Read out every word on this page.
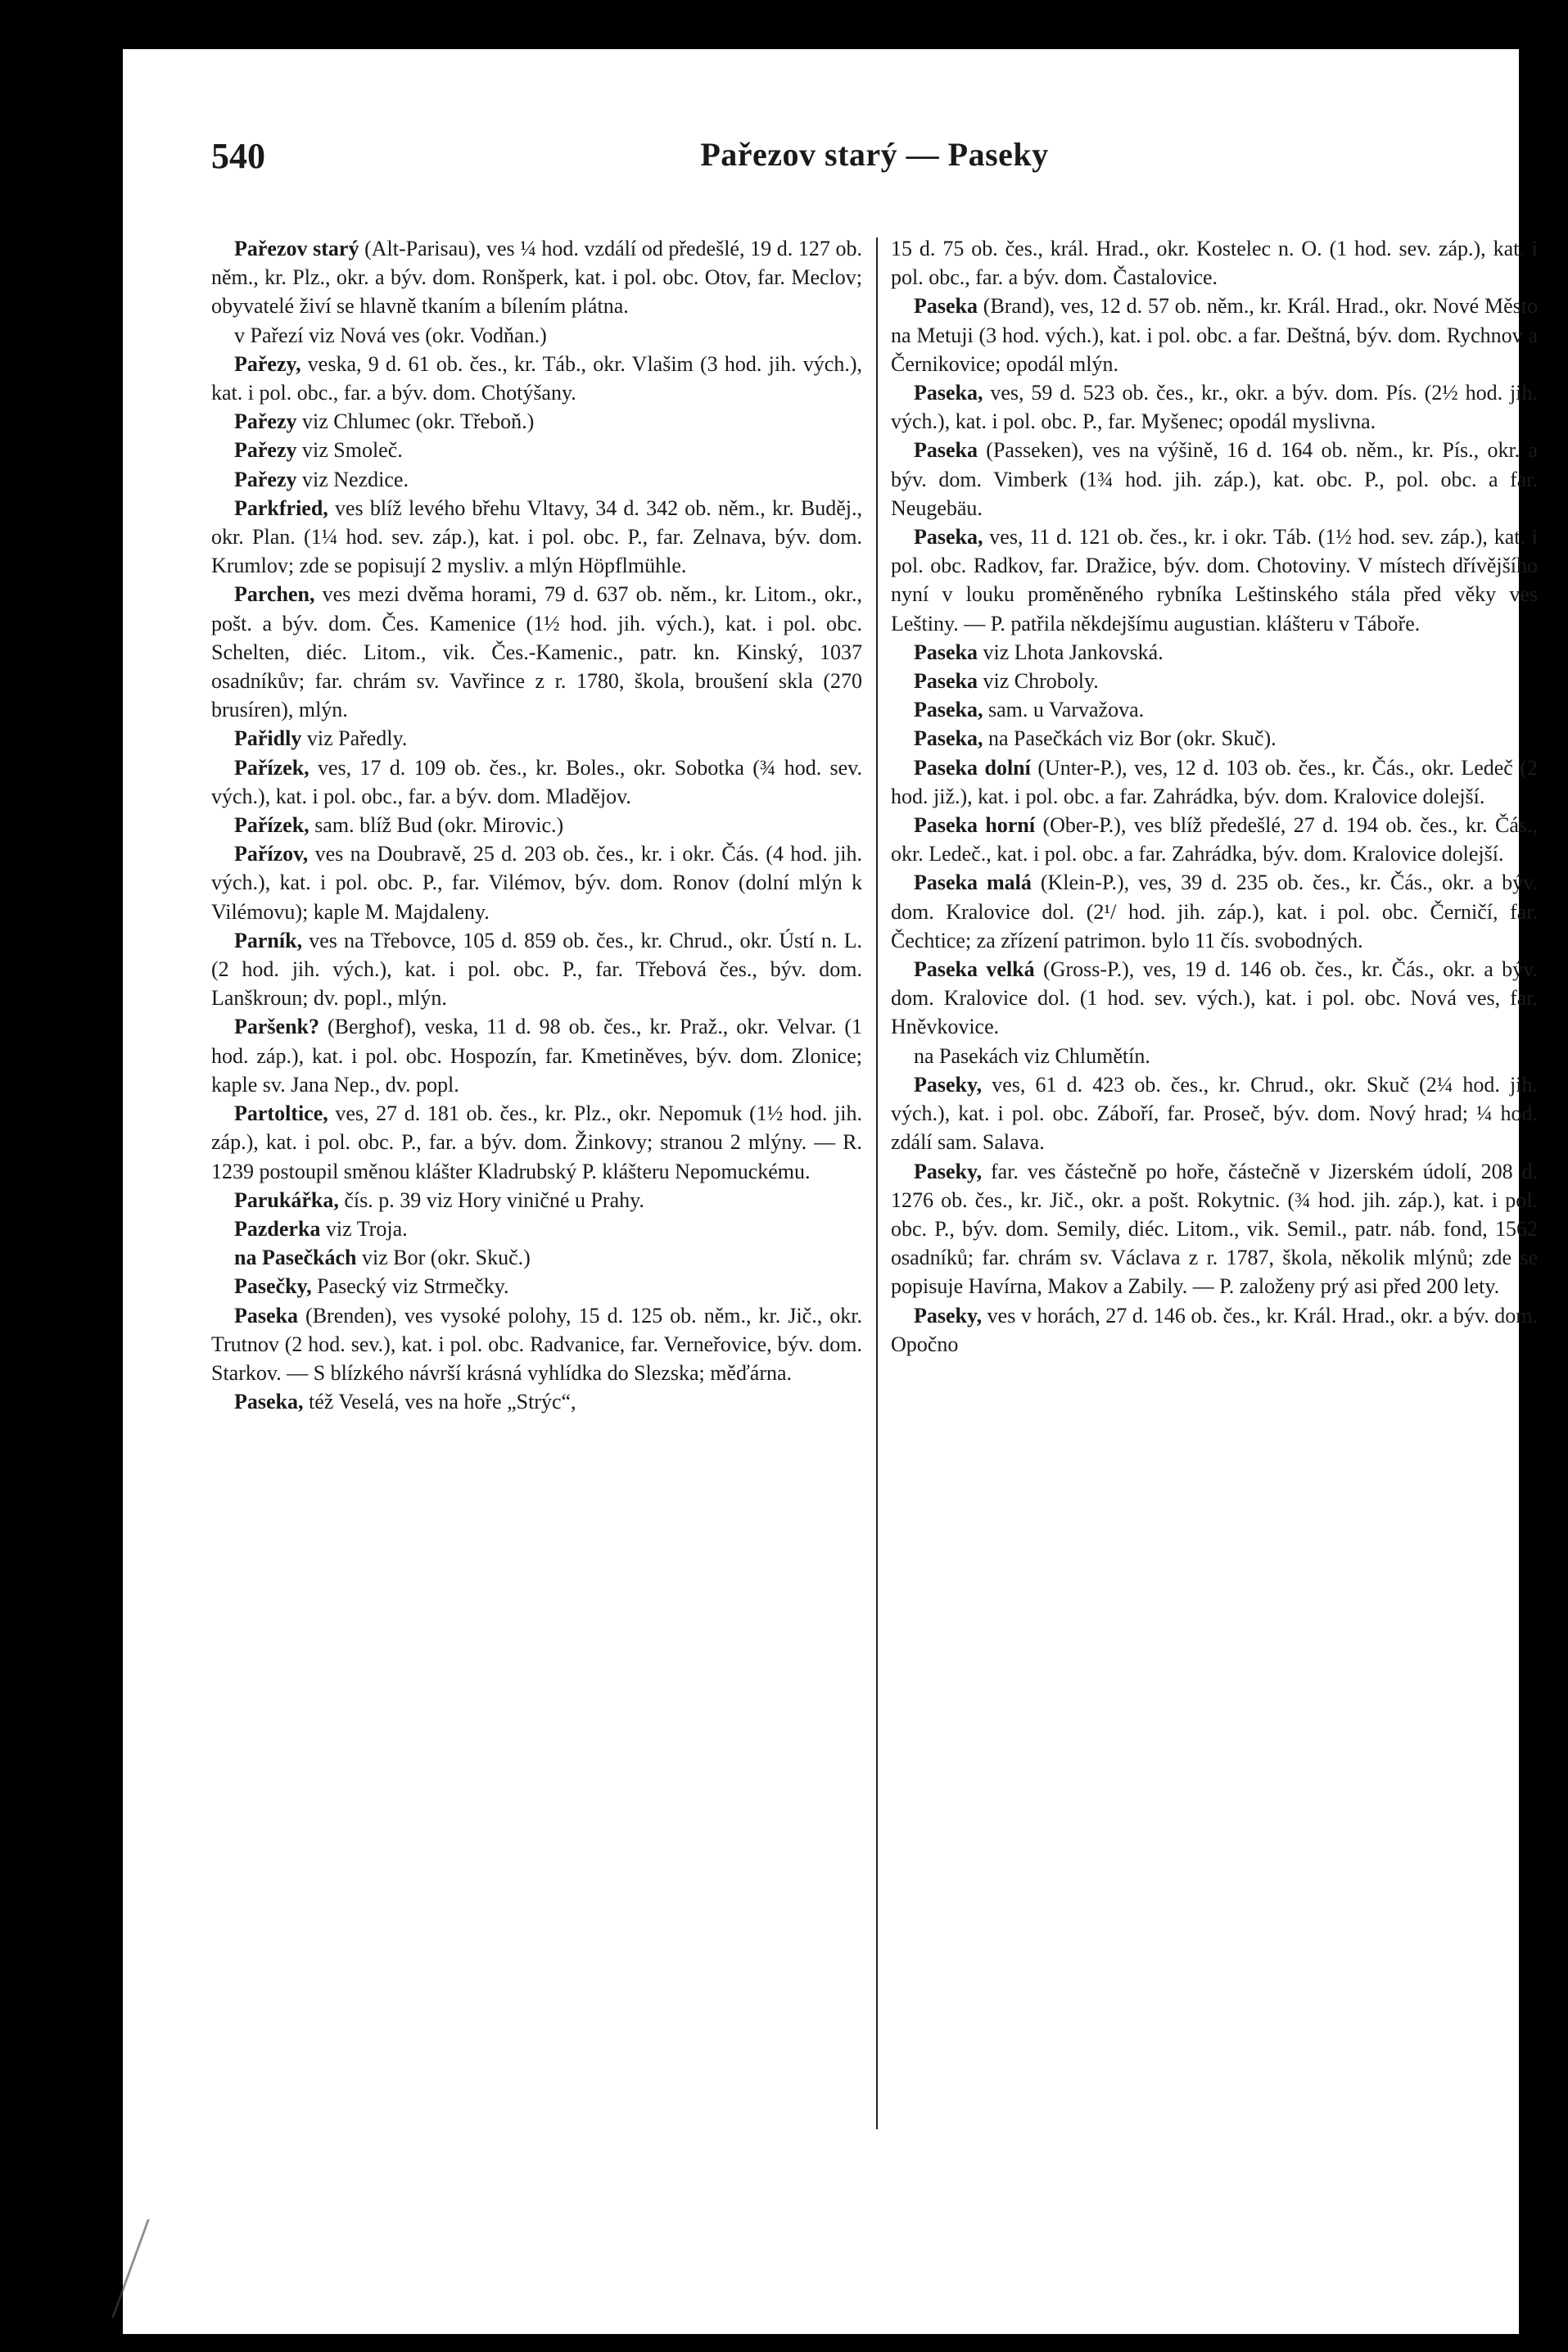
540	Pařezov starý — Paseky

Pařezov starý (Alt-Parisau), ves ¼ hod. vzdálí od předešlé, 19 d. 127 ob. něm., kr. Plz., okr. a býv. dom. Ronšperk, kat. i pol. obc. Otov, far. Meclov; obyvatelé živí se hlavně tkaním a bílením plátna.

v Pařezí viz Nová ves (okr. Vodňan.)

Pařezy, veska, 9 d. 61 ob. čes., kr. Táb., okr. Vlašim (3 hod. jih. vých.), kat. i pol. obc., far. a býv. dom. Chotýšany.

Pařezy viz Chlumec (okr. Třeboň.)

Pařezy viz Smoleč.

Pařezy viz Nezdice.

Parkfried, ves blíž levého břehu Vltavy, 34 d. 342 ob. něm., kr. Buděj., okr. Plan. (1¼ hod. sev. záp.), kat. i pol. obc. P., far. Zelnava, býv. dom. Krumlov; zde se popisují 2 mysliv. a mlýn Höpflmühle.

Parchen, ves mezi dvěma horami, 79 d. 637 ob. něm., kr. Litom., okr., pošt. a býv. dom. Čes. Kamenice (1½ hod. jih. vých.), kat. i pol. obc. Schelten, diéc. Litom., vik. Čes.-Kamenic., patr. kn. Kinský, 1037 osadníkův; far. chrám sv. Vavřince z r. 1780, škola, broušení skla (270 brusíren), mlýn.

Pařidly viz Paředly.

Pařízek, ves, 17 d. 109 ob. čes., kr. Boles., okr. Sobotka (¾ hod. sev. vých.), kat. i pol. obc., far. a býv. dom. Mladějov.

Pařízek, sam. blíž Bud (okr. Mirovic.)

Pařízov, ves na Doubravě, 25 d. 203 ob. čes., kr. i okr. Čás. (4 hod. jih. vých.), kat. i pol. obc. P., far. Vilémov, býv. dom. Ronov (dolní mlýn k Vilémovu); kaple M. Majdaleny.

Parník, ves na Třebovce, 105 d. 859 ob. čes., kr. Chrud., okr. Ústí n. L. (2 hod. jih. vých.), kat. i pol. obc. P., far. Třebová čes., býv. dom. Lanškroun; dv. popl., mlýn.

Paršenk? (Berghof), veska, 11 d. 98 ob. čes., kr. Praž., okr. Velvar. (1 hod. záp.), kat. i pol. obc. Hospozín, far. Kmetiněves, býv. dom. Zlonice; kaple sv. Jana Nep., dv. popl.

Partoltice, ves, 27 d. 181 ob. čes., kr. Plz., okr. Nepomuk (1½ hod. jih. záp.), kat. i pol. obc. P., far. a býv. dom. Žinkovy; stranou 2 mlýny. — R. 1239 postoupil směnou klášter Kladrubský P. klášteru Nepomuckému.

Parukářka, čís. p. 39 viz Hory viničné u Prahy.

Pazderka viz Troja.

na Pasečkách viz Bor (okr. Skuč.)

Pasečky, Pasecký viz Strmečky.

Paseka (Brenden), ves vysoké polohy, 15 d. 125 ob. něm., kr. Jič., okr. Trutnov (2 hod. sev.), kat. i pol. obc. Radvanice, far. Verneřovice, býv. dom. Starkov. — S blízkého návrší krásná vyhlídka do Slezska; měďárna.

Paseka, též Veselá, ves na hoře „Strýc“,

15 d. 75 ob. čes., král. Hrad., okr. Kostelec n. O. (1 hod. sev. záp.), kat. i pol. obc., far. a býv. dom. Častalovice.

Paseka (Brand), ves, 12 d. 57 ob. něm., kr. Král. Hrad., okr. Nové Město na Metuji (3 hod. vých.), kat. i pol. obc. a far. Deštná, býv. dom. Rychnov a Černikovice; opodál mlýn.

Paseka, ves, 59 d. 523 ob. čes., kr., okr. a býv. dom. Pís. (2½ hod. jih. vých.), kat. i pol. obc. P., far. Myšenec; opodál myslivna.

Paseka (Passeken), ves na výšině, 16 d. 164 ob. něm., kr. Pís., okr. a býv. dom. Vimberk (1¾ hod. jih. záp.), kat. obc. P., pol. obc. a far. Neugebäu.

Paseka, ves, 11 d. 121 ob. čes., kr. i okr. Táb. (1½ hod. sev. záp.), kat. i pol. obc. Radkov, far. Dražice, býv. dom. Chotoviny. V místech dřívějšího nyní v louku proměněného rybníka Leštinského stála před věky ves Leštiny. — P. patřila někdejšímu augustian. klášteru v Táboře.

Paseka viz Lhota Jankovská.

Paseka viz Chroboly.

Paseka, sam. u Varvažova.

Paseka, na Pasečkách viz Bor (okr. Skuč).

Paseka dolní (Unter-P.), ves, 12 d. 103 ob. čes., kr. Čás., okr. Ledeč (2 hod. již.), kat. i pol. obc. a far. Zahrádka, býv. dom. Kralovice dolejší.

Paseka horní (Ober-P.), ves blíž předešlé, 27 d. 194 ob. čes., kr. Čás., okr. Ledeč., kat. i pol. obc. a far. Zahrádka, býv. dom. Kralovice dolejší.

Paseka malá (Klein-P.), ves, 39 d. 235 ob. čes., kr. Čás., okr. a býv. dom. Kralovice dol. (2¹/ hod. jih. záp.), kat. i pol. obc. Černičí, far. Čechtice; za zřízení patrimon. bylo 11 čís. svobodných.

Paseka velká (Gross-P.), ves, 19 d. 146 ob. čes., kr. Čás., okr. a býv. dom. Kralovice dol. (1 hod. sev. vých.), kat. i pol. obc. Nová ves, far. Hněvkovice.

na Pasekách viz Chlumětín.

Paseky, ves, 61 d. 423 ob. čes., kr. Chrud., okr. Skuč (2¼ hod. jih. vých.), kat. i pol. obc. Záboří, far. Proseč, býv. dom. Nový hrad; ¼ hod. zdálí sam. Salava.

Paseky, far. ves částečně po hoře, částečně v Jizerském údolí, 208 d. 1276 ob. čes., kr. Jič., okr. a pošt. Rokytnic. (¾ hod. jih. záp.), kat. i pol. obc. P., býv. dom. Semily, diéc. Litom., vik. Semil., patr. náb. fond, 1562 osadníků; far. chrám sv. Václava z r. 1787, škola, několik mlýnů; zde se popisuje Havírna, Makov a Zabily. — P. založeny prý asi před 200 lety.

Paseky, ves v horách, 27 d. 146 ob. čes., kr. Král. Hrad., okr. a býv. dom. Opočno
